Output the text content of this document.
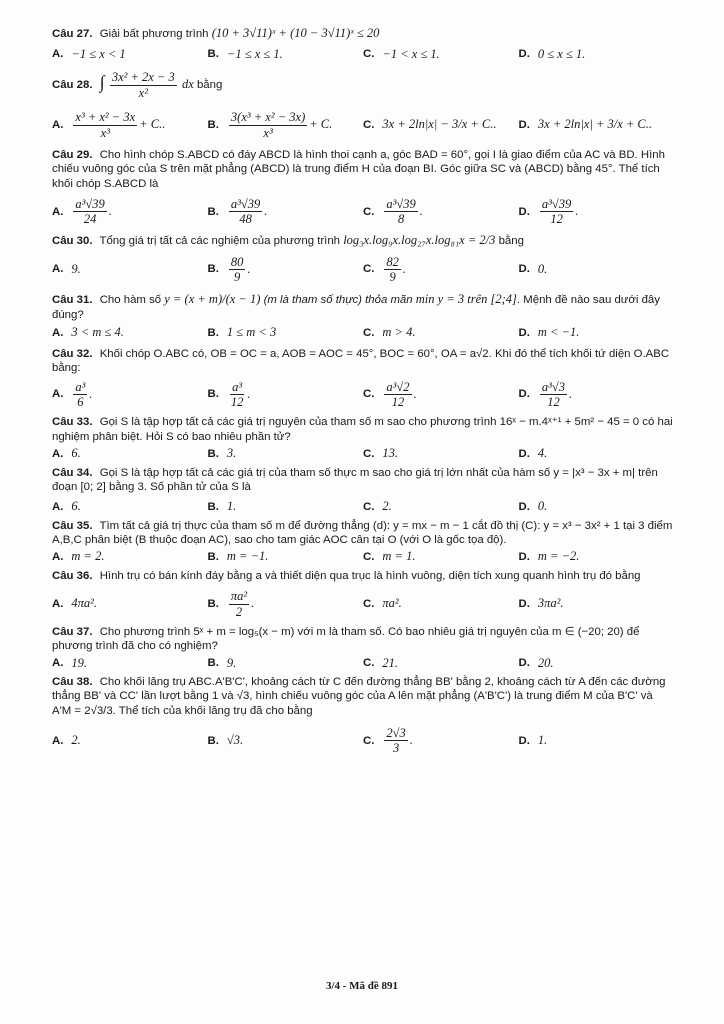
Câu 27. Giải bất phương trình (10 + 3√11)ˣ + (10 − 3√11)ˣ ≤ 20
A. −1 ≤ x < 1	B. −1 ≤ x ≤ 1.	C. −1 < x ≤ 1.	D. 0 ≤ x ≤ 1.
Câu 28. ∫ $\frac{\text{3x² + 2x − 3}}{\text{x²}}$ dx bằng
A. $\frac{\text{x³ + x² − 3x}}{\text{x³}} + C$..	B. $\frac{\text{3(x³ + x² − 3x)}}{\text{x³}} + C$.	C. 3x + 2ln|x| − 3/x + C.. D. 3x + 2ln|x| + 3/x + C..
Câu 29. Cho hình chóp S.ABCD có đáy ABCD là hình thoi cạnh a, góc BAD = 60°, gọi I là giao điểm của AC và BD. Hình chiếu vuông góc của S trên mặt phẳng (ABCD) là trung điểm H của đoạn BI. Góc giữa SC và (ABCD) bằng 45°. Thể tích khối chóp S.ABCD là
A. $\frac{\text{a³√39}}{24}$ .	B. $\frac{\text{a³√39}}{48}$ .	C. $\frac{\text{a³√39}}{8}$ .	D. $\frac{\text{a³√39}}{12}$ .
Câu 30. Tổng giá trị tất cả các nghiệm của phương trình log₃x.log₉x.log₂₇x.log₈₁x = 2/3 bằng
A. 9.	B. $\frac{80}{9}$ .	C. $\frac{82}{9}$ .	D. 0.
Câu 31. Cho hàm số y = (x + m)/(x − 1) (m là tham số thực) thỏa mãn min y = 3 trên [2;4]. Mệnh đề nào sau dưới đây đúng?
A. 3 < m ≤ 4.	B. 1 ≤ m < 3	C. m > 4.	D. m < −1.
Câu 32. Khối chóp O.ABC có, OB = OC = a, AOB = AOC = 45°, BOC = 60°, OA = a√2. Khi đó thể tích khối tứ diện O.ABC bằng:
A. $\frac{\text{a³}}{6}$ .	B. $\frac{\text{a³}}{12}$ .	C. $\frac{\text{a³√2}}{12}$ .	D. $\frac{\text{a³√3}}{12}$ .
Câu 33. Gọi S là tập hợp tất cả các giá trị nguyên của tham số m sao cho phương trình 16ˣ − m.4ˣ⁺¹ + 5m² − 45 = 0 có hai nghiệm phân biệt. Hỏi S có bao nhiêu phần tử?
A. 6.	B. 3.	C. 13.	D. 4.
Câu 34. Gọi S là tập hợp tất cả các giá trị của tham số thực m sao cho giá trị lớn nhất của hàm số y = |x³ − 3x + m| trên đoạn [0; 2] bằng 3. Số phần tử của S là
A. 6.	B. 1.	C. 2.	D. 0.
Câu 35. Tìm tất cả giá trị thực của tham số m để đường thẳng (d): y = mx − m − 1 cắt đồ thị (C): y = x³ − 3x² + 1 tại 3 điểm A,B,C phân biệt (B thuộc đoạn AC), sao cho tam giác AOC cân tại O (với O là gốc tọa độ).
A. m = 2.	B. m = −1.	C. m = 1.	D. m = −2.
Câu 36. Hình trụ có bán kính đáy bằng a và thiết diện qua trục là hình vuông, diện tích xung quanh hình trụ đó bằng
A. 4πa².	B. $\frac{\text{πa²}}{2}$ .	C. πa².	D. 3πa².
Câu 37. Cho phương trình 5ˣ + m = log₅(x − m) với m là tham số. Có bao nhiêu giá trị nguyên của m ∈ (−20; 20) để phương trình đã cho có nghiệm?
A. 19.	B. 9.	C. 21.	D. 20.
Câu 38. Cho khối lăng trụ ABC.A'B'C', khoảng cách từ C đến đường thẳng BB' bằng 2, khoảng cách từ A đến các đường thẳng BB' và CC' lần lượt bằng 1 và √3, hình chiếu vuông góc của A lên mặt phẳng (A'B'C') là trung điểm M của B'C' và A'M = 2√3/3. Thể tích của khối lăng trụ đã cho bằng
A. 2.	B. √3.	C. $\frac{2√3}{3}$ .	D. 1.
3/4 - Mã đề 891
